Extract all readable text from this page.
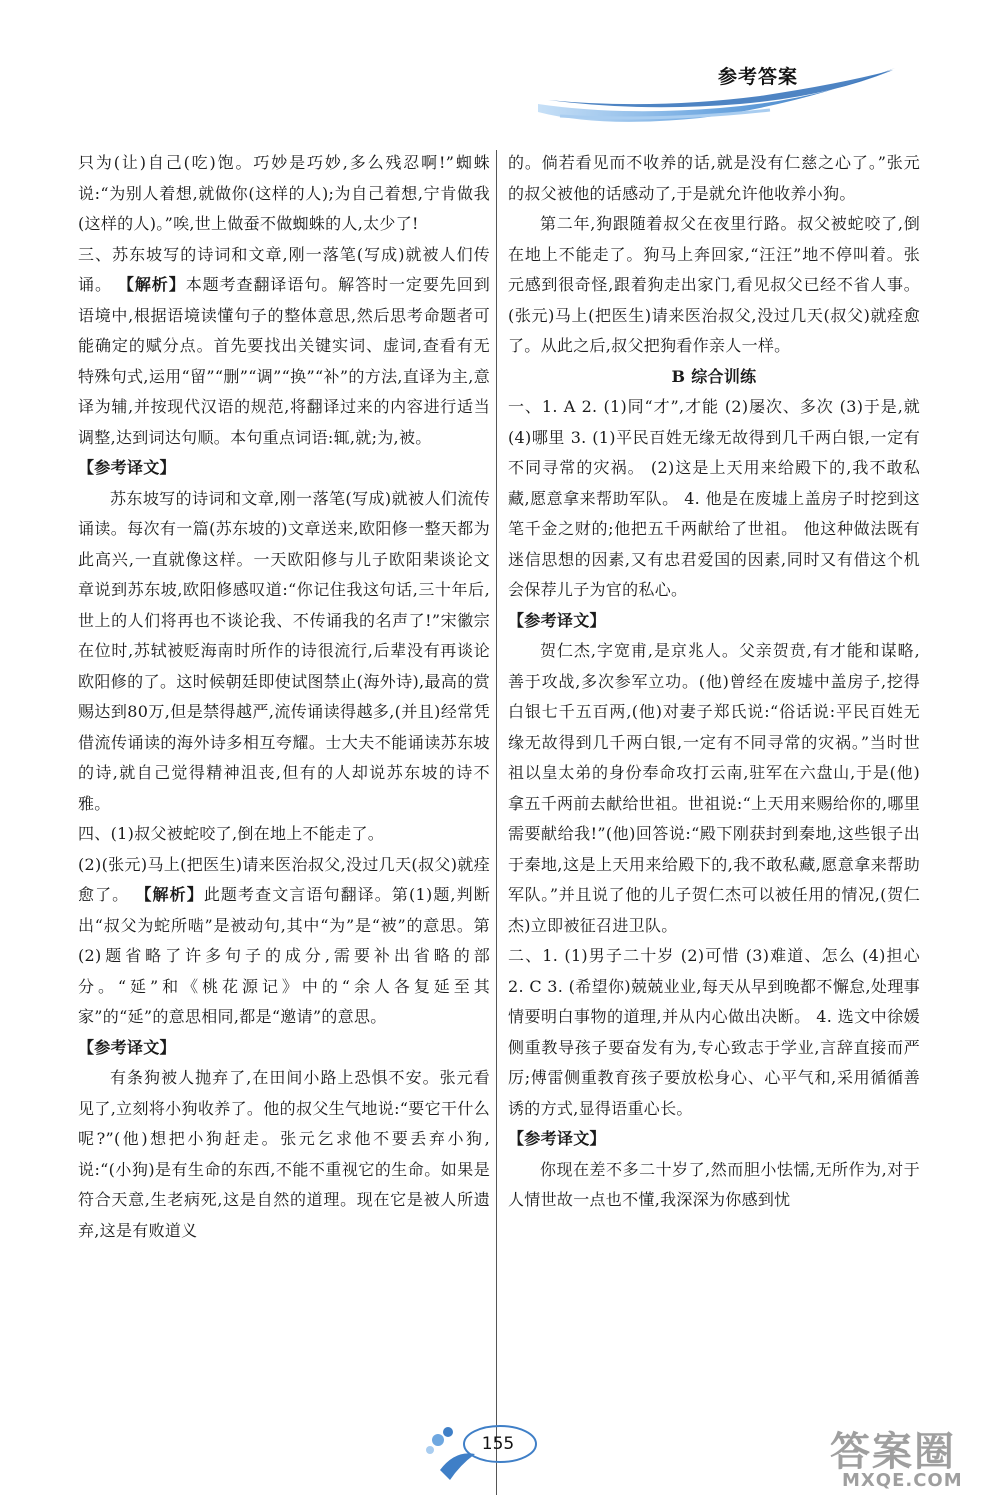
参考答案

只为(让)自己(吃)饱。巧妙是巧妙,多么残忍啊!”蜘蛛说:“为别人着想,就做你(这样的人);为自己着想,宁肯做我(这样的人)。”唉,世上做蚕不做蜘蛛的人,太少了!

三、苏东坡写的诗词和文章,刚一落笔(写成)就被人们传诵。 【解析】本题考查翻译语句。解答时一定要先回到语境中,根据语境读懂句子的整体意思,然后思考命题者可能确定的赋分点。首先要找出关键实词、虚词,查看有无特殊句式,运用“留”“删”“调”“换”“补”的方法,直译为主,意译为辅,并按现代汉语的规范,将翻译过来的内容进行适当调整,达到词达句顺。本句重点词语:辄,就;为,被。

【参考译文】

苏东坡写的诗词和文章,刚一落笔(写成)就被人们流传诵读。每次有一篇(苏东坡的)文章送来,欧阳修一整天都为此高兴,一直就像这样。一天欧阳修与儿子欧阳棐谈论文章说到苏东坡,欧阳修感叹道:“你记住我这句话,三十年后,世上的人们将再也不谈论我、不传诵我的名声了!”宋徽宗在位时,苏轼被贬海南时所作的诗很流行,后辈没有再谈论欧阳修的了。这时候朝廷即使试图禁止(海外诗),最高的赏赐达到80万,但是禁得越严,流传诵读得越多,(并且)经常凭借流传诵读的海外诗多相互夸耀。士大夫不能诵读苏东坡的诗,就自己觉得精神沮丧,但有的人却说苏东坡的诗不雅。

四、(1)叔父被蛇咬了,倒在地上不能走了。

(2)(张元)马上(把医生)请来医治叔父,没过几天(叔父)就痊愈了。 【解析】此题考查文言语句翻译。第(1)题,判断出“叔父为蛇所啮”是被动句,其中“为”是“被”的意思。第(2)题省略了许多句子的成分,需要补出省略的部分。“延”和《桃花源记》中的“余人各复延至其家”的“延”的意思相同,都是“邀请”的意思。

【参考译文】

有条狗被人抛弃了,在田间小路上恐惧不安。张元看见了,立刻将小狗收养了。他的叔父生气地说:“要它干什么呢?”(他)想把小狗赶走。张元乞求他不要丢弃小狗,说:“(小狗)是有生命的东西,不能不重视它的生命。如果是符合天意,生老病死,这是自然的道理。现在它是被人所遗弃,这是有败道义

的。倘若看见而不收养的话,就是没有仁慈之心了。”张元的叔父被他的话感动了,于是就允许他收养小狗。

第二年,狗跟随着叔父在夜里行路。叔父被蛇咬了,倒在地上不能走了。狗马上奔回家,“汪汪”地不停叫着。张元感到很奇怪,跟着狗走出家门,看见叔父已经不省人事。(张元)马上(把医生)请来医治叔父,没过几天(叔父)就痊愈了。从此之后,叔父把狗看作亲人一样。

B 综合训练

一、1. A 2. (1)同“才”,才能 (2)屡次、多次 (3)于是,就 (4)哪里 3. (1)平民百姓无缘无故得到几千两白银,一定有不同寻常的灾祸。 (2)这是上天用来给殿下的,我不敢私藏,愿意拿来帮助军队。 4. 他是在废墟上盖房子时挖到这笔千金之财的;他把五千两献给了世祖。 他这种做法既有迷信思想的因素,又有忠君爱国的因素,同时又有借这个机会保荐儿子为官的私心。

【参考译文】

贺仁杰,字宽甫,是京兆人。父亲贺贲,有才能和谋略,善于攻战,多次参军立功。(他)曾经在废墟中盖房子,挖得白银七千五百两,(他)对妻子郑氏说:“俗话说:平民百姓无缘无故得到几千两白银,一定有不同寻常的灾祸。”当时世祖以皇太弟的身份奉命攻打云南,驻军在六盘山,于是(他)拿五千两前去献给世祖。世祖说:“上天用来赐给你的,哪里需要献给我!”(他)回答说:“殿下刚获封到秦地,这些银子出于秦地,这是上天用来给殿下的,我不敢私藏,愿意拿来帮助军队。”并且说了他的儿子贺仁杰可以被任用的情况,(贺仁杰)立即被征召进卫队。

二、1. (1)男子二十岁 (2)可惜 (3)难道、怎么 (4)担心 2. C 3. (希望你)兢兢业业,每天从早到晚都不懈怠,处理事情要明白事物的道理,并从内心做出决断。 4. 选文中徐媛侧重教导孩子要奋发有为,专心致志于学业,言辞直接而严厉;傅雷侧重教育孩子要放松身心、心平气和,采用循循善诱的方式,显得语重心长。

【参考译文】

你现在差不多二十岁了,然而胆小怯懦,无所作为,对于人情世故一点也不懂,我深深为你感到忧

155	答案圈
MXQE.COM
